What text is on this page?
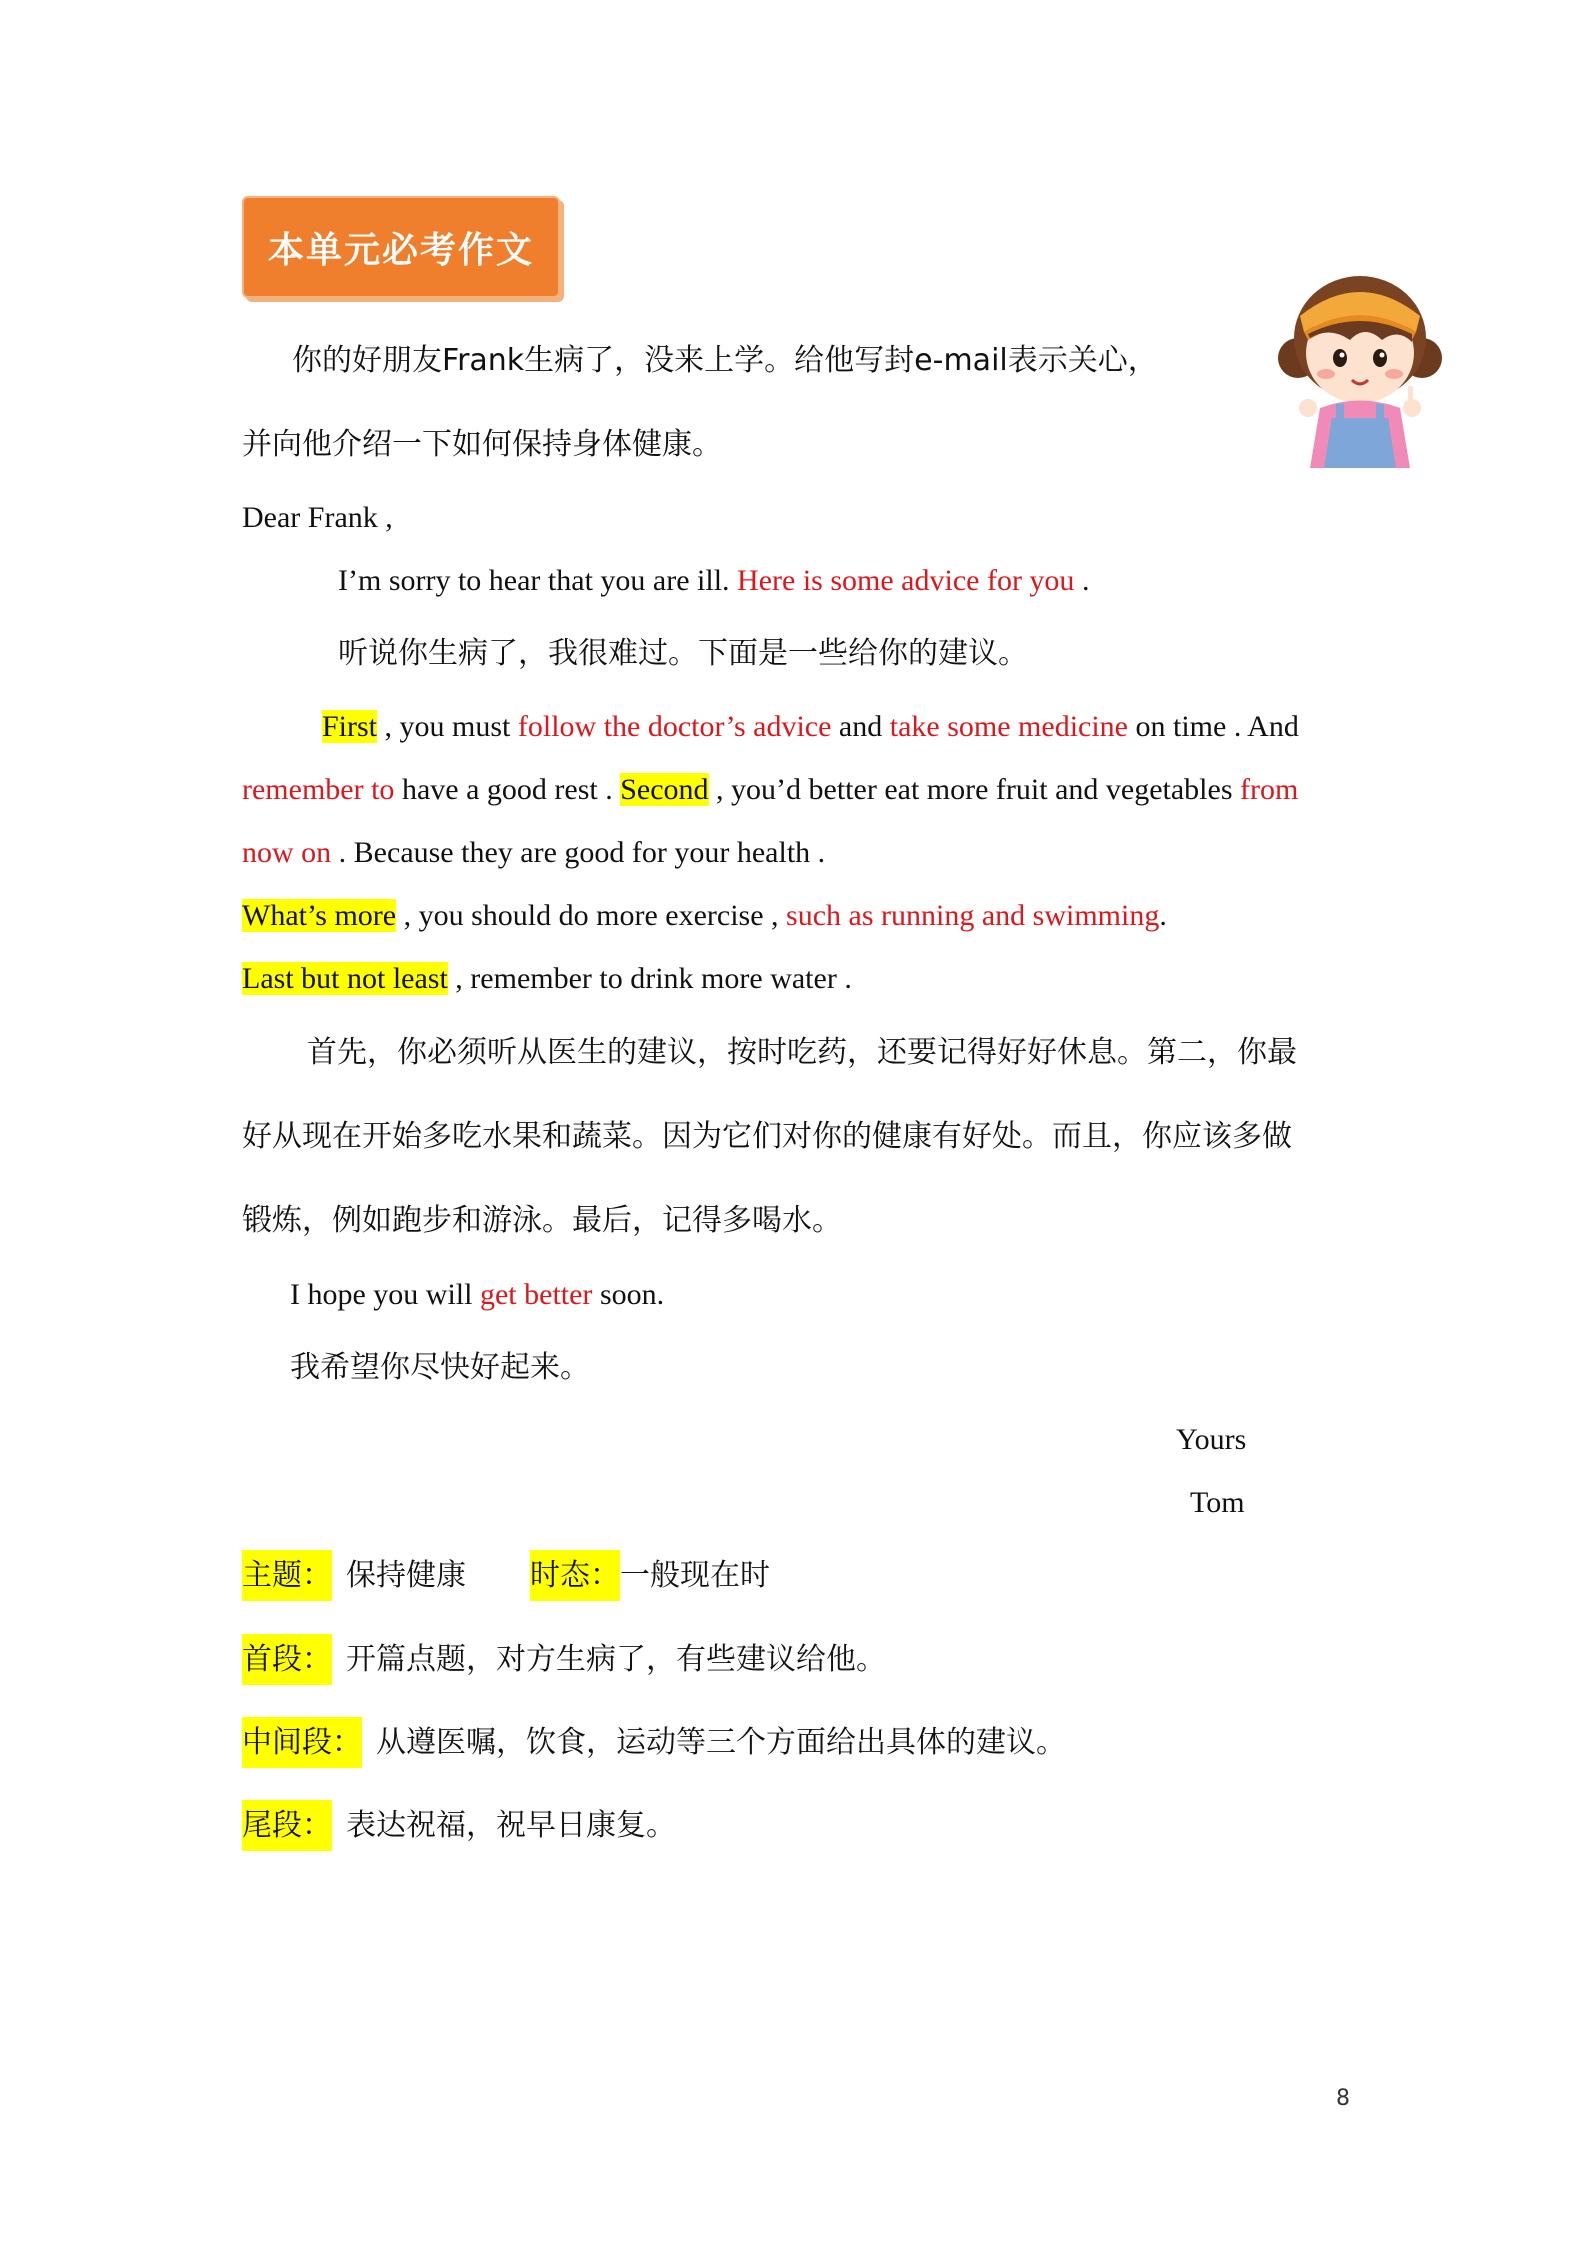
本单元必考作文
你的好朋友Frank生病了，没来上学。给他写封e-mail表示关心，
并向他介绍一下如何保持身体健康。
Dear Frank ,
I’m sorry to hear that you are ill. Here is some advice for you .
听说你生病了，我很难过。下面是一些给你的建议。
First , you must follow the doctor’s advice and take some medicine on time . And
remember to have a good rest . Second , you’d better eat more fruit and vegetables from
now on . Because they are good for your health .
What’s more , you should do more exercise , such as running and swimming.
Last but not least , remember to drink more water .
首先，你必须听从医生的建议，按时吃药，还要记得好好休息。第二，你最
好从现在开始多吃水果和蔬菜。因为它们对你的健康有好处。而且，你应该多做
锻炼，例如跑步和游泳。最后，记得多喝水。
I hope you will get better soon.
我希望你尽快好起来。
Yours
Tom
主题： 保持健康 时态：一般现在时
首段： 开篇点题，对方生病了，有些建议给他。
中间段： 从遵医嘱，饮食，运动等三个方面给出具体的建议。
尾段： 表达祝福，祝早日康复。
8
